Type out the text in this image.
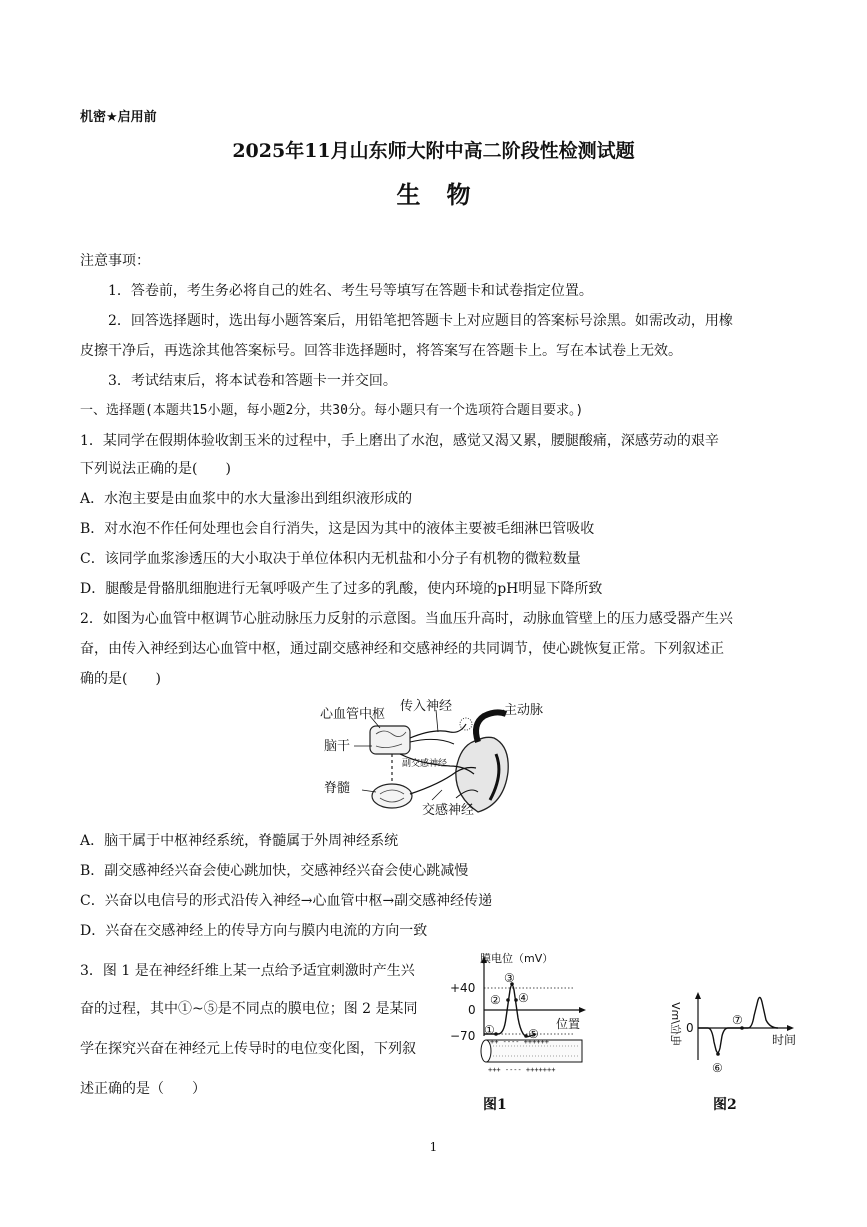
机密★启用前
2025年11月山东师大附中高二阶段性检测试题
生物
注意事项：
1．答卷前，考生务必将自己的姓名、考生号等填写在答题卡和试卷指定位置。
2．回答选择题时，选出每小题答案后，用铅笔把答题卡上对应题目的答案标号涂黑。如需改动，用橡
皮擦干净后，再选涂其他答案标号。回答非选择题时，将答案写在答题卡上。写在本试卷上无效。
3．考试结束后，将本试卷和答题卡一并交回。
一、选择题(本题共15小题，每小题2分，共30分。每小题只有一个选项符合题目要求。)
1．某同学在假期体验收割玉米的过程中，手上磨出了水泡，感觉又渴又累，腰腿酸痛，深感劳动的艰辛
下列说法正确的是(　　)
A．水泡主要是由血浆中的水大量渗出到组织液形成的
B．对水泡不作任何处理也会自行消失，这是因为其中的液体主要被毛细淋巴管吸收
C．该同学血浆渗透压的大小取决于单位体积内无机盐和小分子有机物的微粒数量
D．腿酸是骨骼肌细胞进行无氧呼吸产生了过多的乳酸，使内环境的pH明显下降所致
2．如图为心血管中枢调节心脏动脉压力反射的示意图。当血压升高时，动脉血管壁上的压力感受器产生兴
奋，由传入神经到达心血管中枢，通过副交感神经和交感神经的共同调节，使心跳恢复正常。下列叙述正
确的是(　　)
心血管中枢
传入神经	主动脉
脑干
副交感神经
脊髓
交感神经
A．脑干属于中枢神经系统，脊髓属于外周神经系统
B．副交感神经兴奋会使心跳加快，交感神经兴奋会使心跳减慢
C．兴奋以电信号的形式沿传入神经→心血管中枢→副交感神经传递
D．兴奋在交感神经上的传导方向与膜内电流的方向一致
3．图 1 是在神经纤维上某一点给予适宜刺激时产生兴
奋的过程，其中①~⑤是不同点的膜电位；图 2 是某同
学在探究兴奋在神经元上传导时的电位变化图，下列叙
述正确的是（　　）
+40
0
−70
膜电位（mV）
位置
①
②
③
④
⑤
++ ---- ++++++
+++ ---- +++++++
图1
电位/mV 0
时间
⑥
⑦
图2
1
